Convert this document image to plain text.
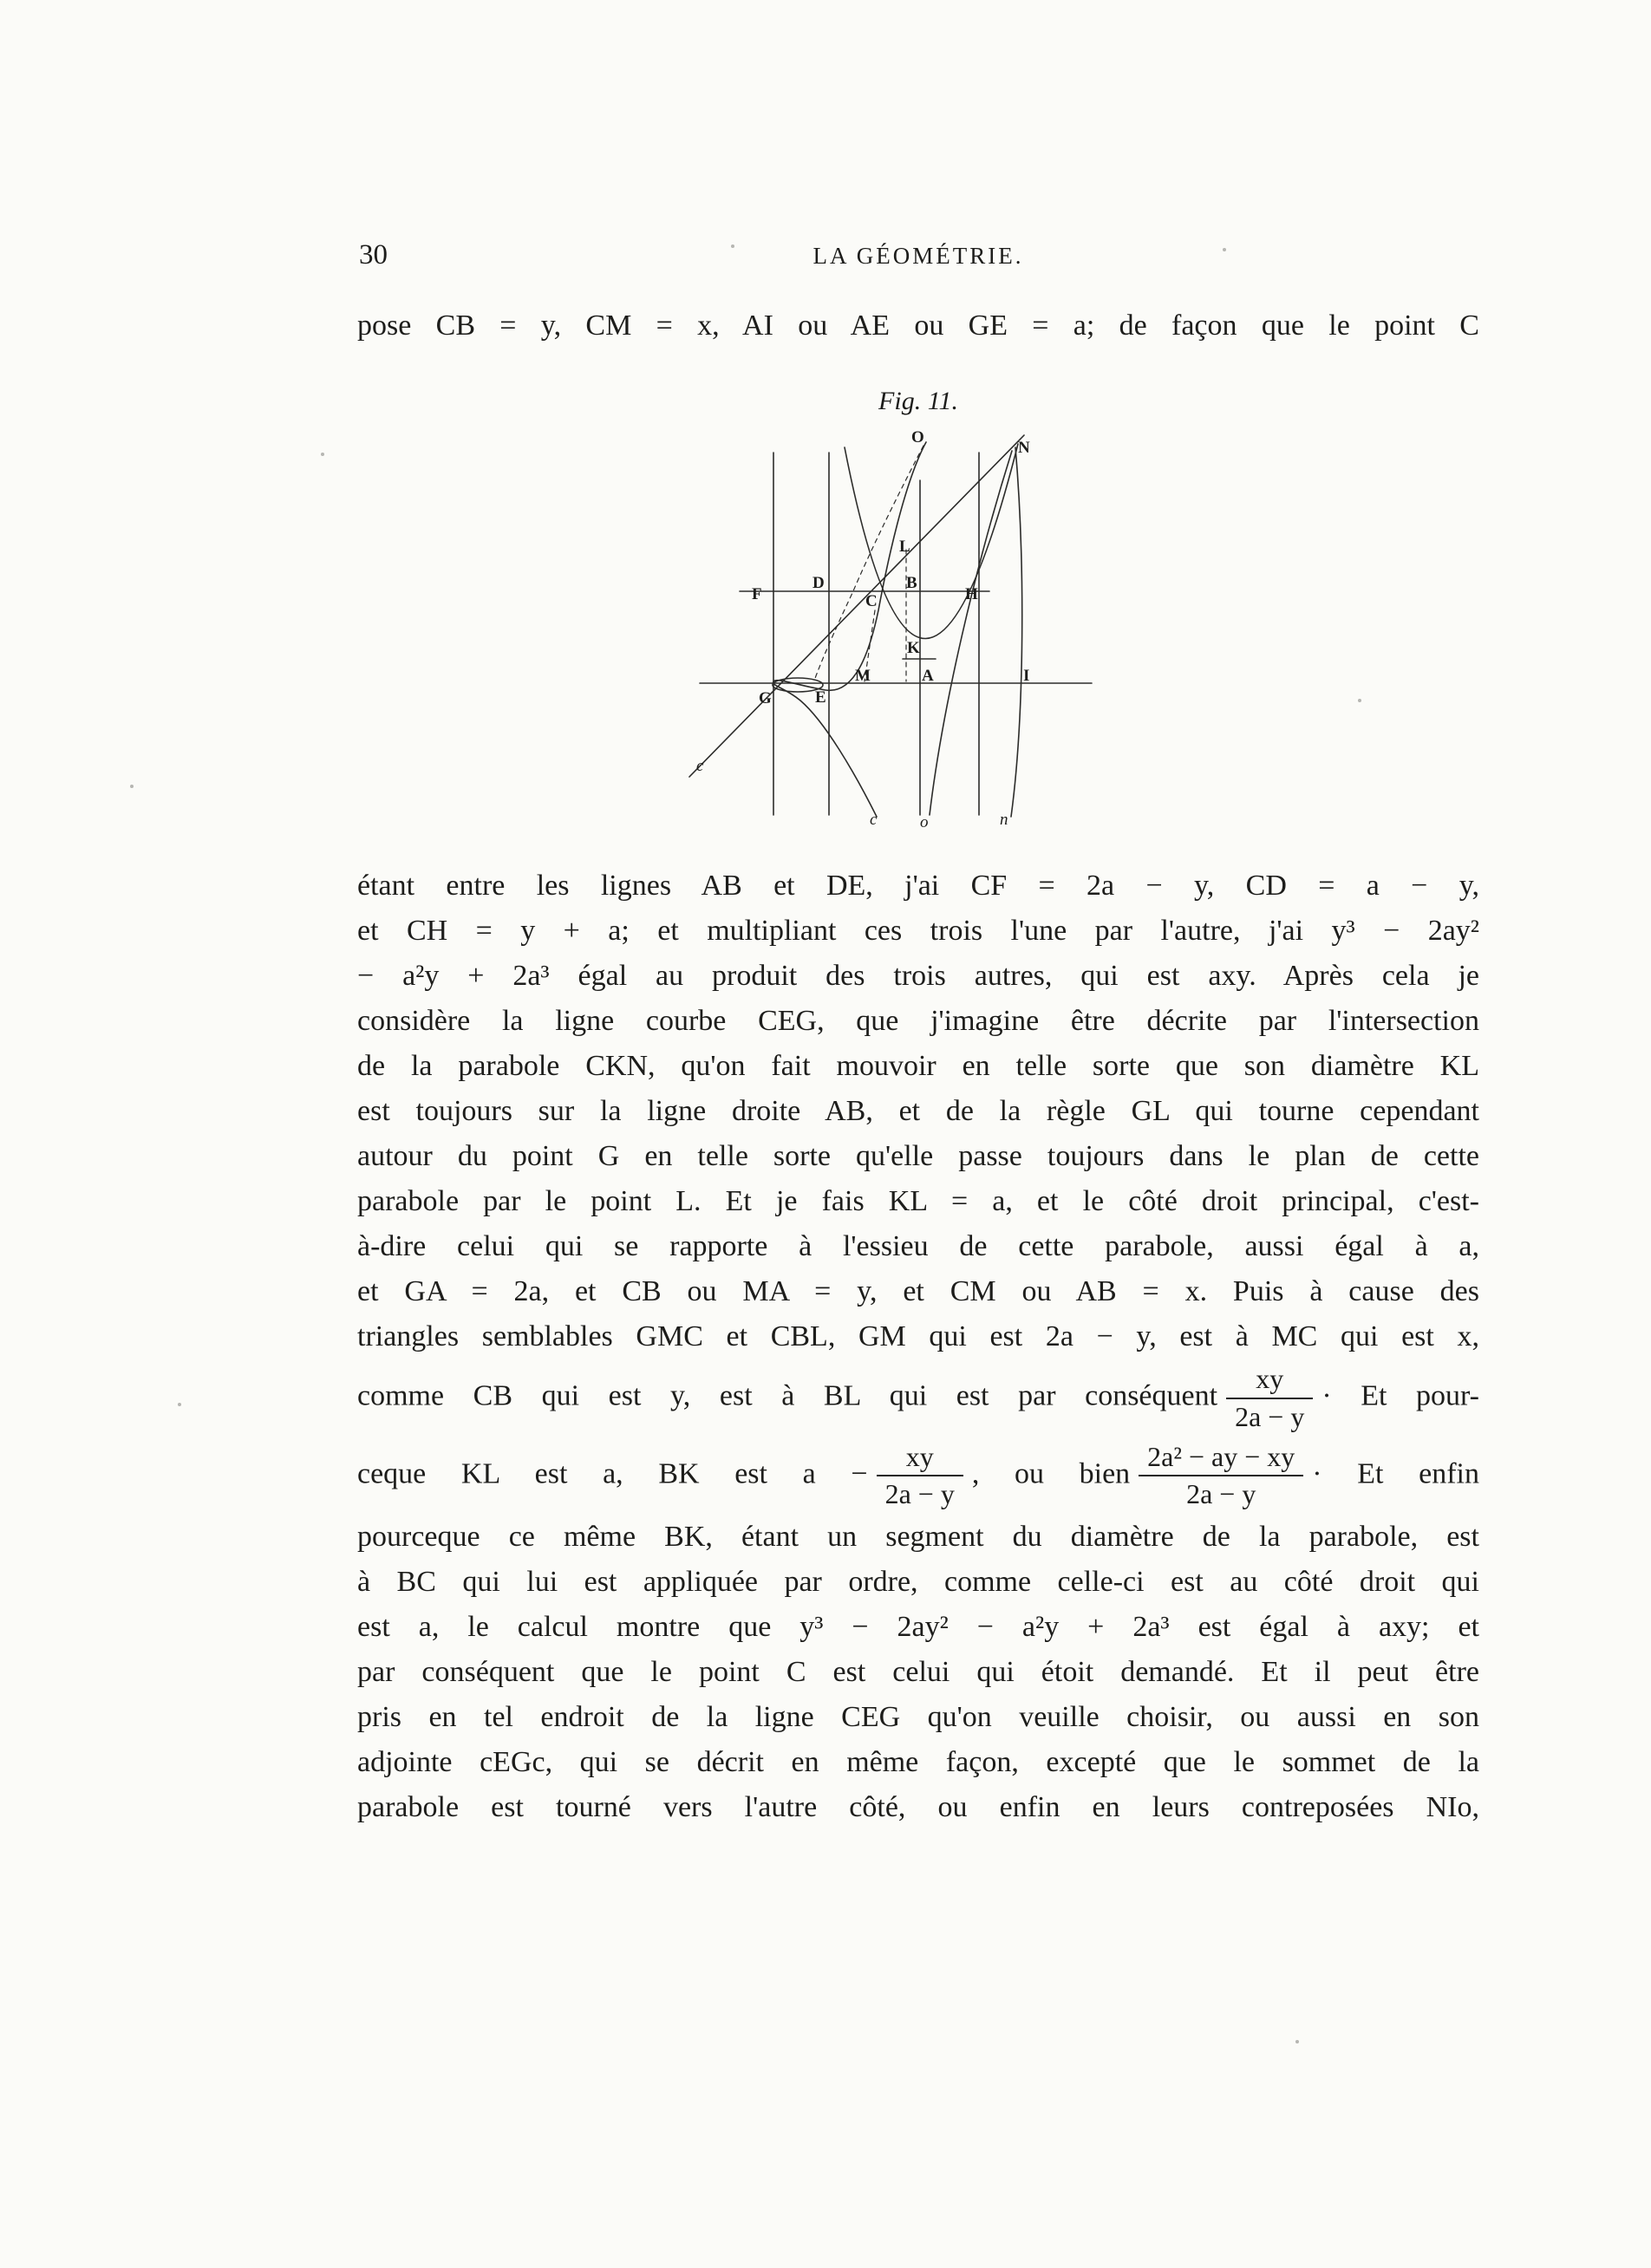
30	LA GÉOMÉTRIE.
pose CB = y, CM = x, AI ou AE ou GE = a; de façon que le point C
Fig. 11.
O
N
L
F
D
C
B
H
K
G	E
M	A	I
c
c	o	n
étant entre les lignes AB et DE, j'ai CF = 2a − y, CD = a − y,
et CH = y + a; et multipliant ces trois l'une par l'autre, j'ai y³ − 2ay²
− a²y + 2a³ égal au produit des trois autres, qui est axy. Après cela je
considère la ligne courbe CEG, que j'imagine être décrite par l'intersection
de la parabole CKN, qu'on fait mouvoir en telle sorte que son diamètre KL
est toujours sur la ligne droite AB, et de la règle GL qui tourne cependant
autour du point G en telle sorte qu'elle passe toujours dans le plan de cette
parabole par le point L. Et je fais KL = a, et le côté droit principal, c'est-
à-dire celui qui se rapporte à l'essieu de cette parabole, aussi égal à a,
et GA = 2a, et CB ou MA = y, et CM ou AB = x. Puis à cause des
triangles semblables GMC et CBL, GM qui est 2a − y, est à MC qui est x,
comme CB qui est y, est à BL qui est par conséquent $\frac{xy}{2a - y} \cdot Et$ pour-
ceque KL est a, BK est $a - \frac{xy}{2a - y}$ , ou bien $\frac{\text{2a² − ay − xy}}{2a - y} \cdot Et$ enfin
pourceque ce même BK, étant un segment du diamètre de la parabole, est
à BC qui lui est appliquée par ordre, comme celle-ci est au côté droit qui
est a, le calcul montre que y³ − 2ay² − a²y + 2a³ est égal à axy; et
par conséquent que le point C est celui qui étoit demandé. Et il peut être
pris en tel endroit de la ligne CEG qu'on veuille choisir, ou aussi en son
adjointe cEGc, qui se décrit en même façon, excepté que le sommet de la
parabole est tourné vers l'autre côté, ou enfin en leurs contreposées NIo,
